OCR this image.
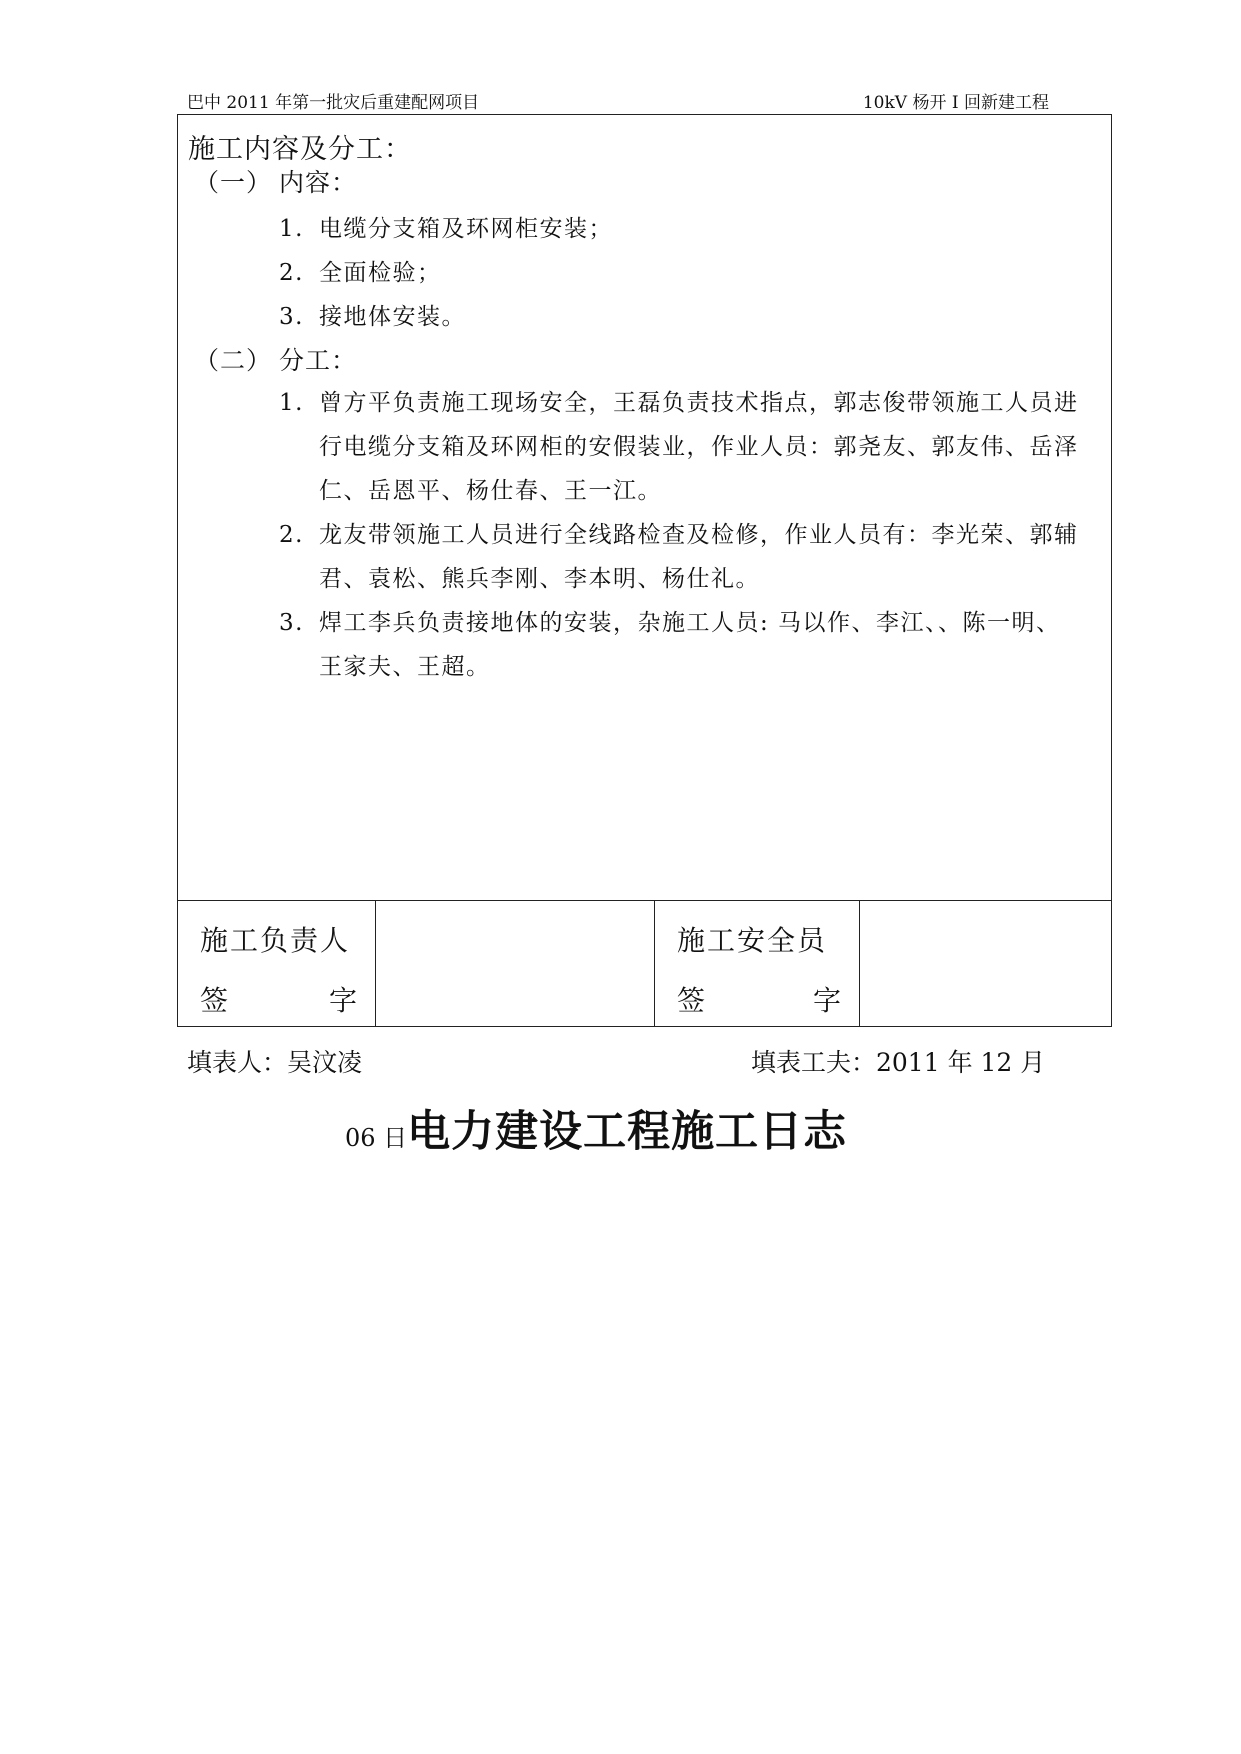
巴中 2011 年第一批灾后重建配网项目	10kV 杨开 I 回新建工程
施工内容及分工：
（一） 内容：
1. 电缆分支箱及环网柜安装；
2. 全面检验；
3. 接地体安装。
（二） 分工：
1. 曾方平负责施工现场安全，王磊负责技术指点，郭志俊带领施工人员进行电缆分支箱及环网柜的安假装业，作业人员：郭尧友、郭友伟、岳泽仁、岳恩平、杨仕春、王一江。
2. 龙友带领施工人员进行全线路检查及检修，作业人员有：李光荣、郭辅君、袁松、熊兵李刚、李本明、杨仕礼。
3. 焊工李兵负责接地体的安装，杂施工人员: 马以作、李江、、陈一明、王家夫、王超。
施工负责人
签	字
施工安全员
签	字
填表人：吴汶凌	填表工夫：2011 年 12 月
06 日电力建设工程施工日志
